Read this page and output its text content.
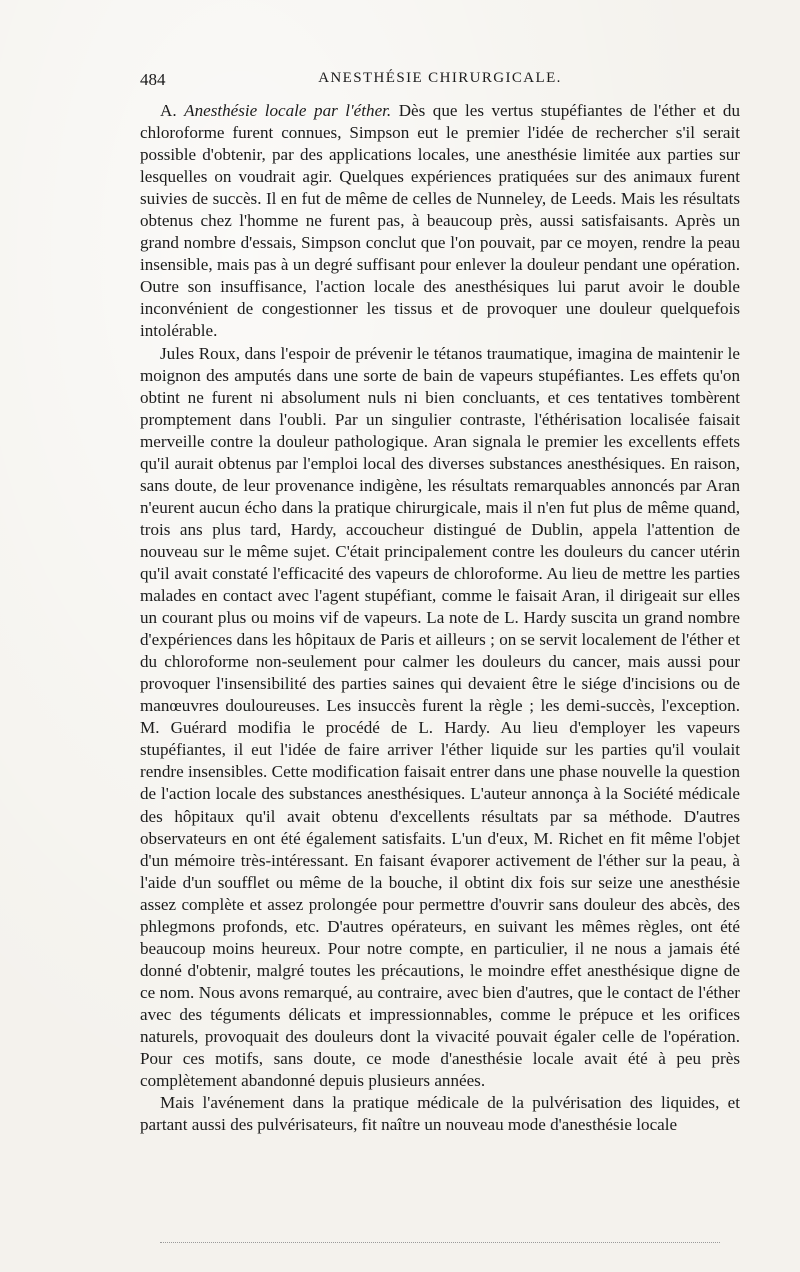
484	ANESTHÉSIE CHIRURGICALE.

A. Anesthésie locale par l'éther. Dès que les vertus stupéfiantes de l'éther et du chloroforme furent connues, Simpson eut le premier l'idée de rechercher s'il serait possible d'obtenir, par des applications locales, une anesthésie limitée aux parties sur lesquelles on voudrait agir. Quelques expériences pratiquées sur des animaux furent suivies de succès. Il en fut de même de celles de Nunneley, de Leeds. Mais les résultats obtenus chez l'homme ne furent pas, à beaucoup près, aussi satisfaisants. Après un grand nombre d'essais, Simpson conclut que l'on pouvait, par ce moyen, rendre la peau insensible, mais pas à un degré suffisant pour enlever la douleur pendant une opération. Outre son insuffisance, l'action locale des anesthésiques lui parut avoir le double inconvénient de congestionner les tissus et de provoquer une douleur quelquefois intolérable.

Jules Roux, dans l'espoir de prévenir le tétanos traumatique, imagina de maintenir le moignon des amputés dans une sorte de bain de vapeurs stupéfiantes. Les effets qu'on obtint ne furent ni absolument nuls ni bien concluants, et ces tentatives tombèrent promptement dans l'oubli. Par un singulier contraste, l'éthérisation localisée faisait merveille contre la douleur pathologique. Aran signala le premier les excellents effets qu'il aurait obtenus par l'emploi local des diverses substances anesthésiques. En raison, sans doute, de leur provenance indigène, les résultats remarquables annoncés par Aran n'eurent aucun écho dans la pratique chirurgicale, mais il n'en fut plus de même quand, trois ans plus tard, Hardy, accoucheur distingué de Dublin, appela l'attention de nouveau sur le même sujet. C'était principalement contre les douleurs du cancer utérin qu'il avait constaté l'efficacité des vapeurs de chloroforme. Au lieu de mettre les parties malades en contact avec l'agent stupéfiant, comme le faisait Aran, il dirigeait sur elles un courant plus ou moins vif de vapeurs. La note de L. Hardy suscita un grand nombre d'expériences dans les hôpitaux de Paris et ailleurs ; on se servit localement de l'éther et du chloroforme non-seulement pour calmer les douleurs du cancer, mais aussi pour provoquer l'insensibilité des parties saines qui devaient être le siége d'incisions ou de manœuvres douloureuses. Les insuccès furent la règle ; les demi-succès, l'exception. M. Guérard modifia le procédé de L. Hardy. Au lieu d'employer les vapeurs stupéfiantes, il eut l'idée de faire arriver l'éther liquide sur les parties qu'il voulait rendre insensibles. Cette modification faisait entrer dans une phase nouvelle la question de l'action locale des substances anesthésiques. L'auteur annonça à la Société médicale des hôpitaux qu'il avait obtenu d'excellents résultats par sa méthode. D'autres observateurs en ont été également satisfaits. L'un d'eux, M. Richet en fit même l'objet d'un mémoire très-intéressant. En faisant évaporer activement de l'éther sur la peau, à l'aide d'un soufflet ou même de la bouche, il obtint dix fois sur seize une anesthésie assez complète et assez prolongée pour permettre d'ouvrir sans douleur des abcès, des phlegmons profonds, etc. D'autres opérateurs, en suivant les mêmes règles, ont été beaucoup moins heureux. Pour notre compte, en particulier, il ne nous a jamais été donné d'obtenir, malgré toutes les précautions, le moindre effet anesthésique digne de ce nom. Nous avons remarqué, au contraire, avec bien d'autres, que le contact de l'éther avec des téguments délicats et impressionnables, comme le prépuce et les orifices naturels, provoquait des douleurs dont la vivacité pouvait égaler celle de l'opération. Pour ces motifs, sans doute, ce mode d'anesthésie locale avait été à peu près complètement abandonné depuis plusieurs années.

Mais l'avénement dans la pratique médicale de la pulvérisation des liquides, et partant aussi des pulvérisateurs, fit naître un nouveau mode d'anesthésie locale
